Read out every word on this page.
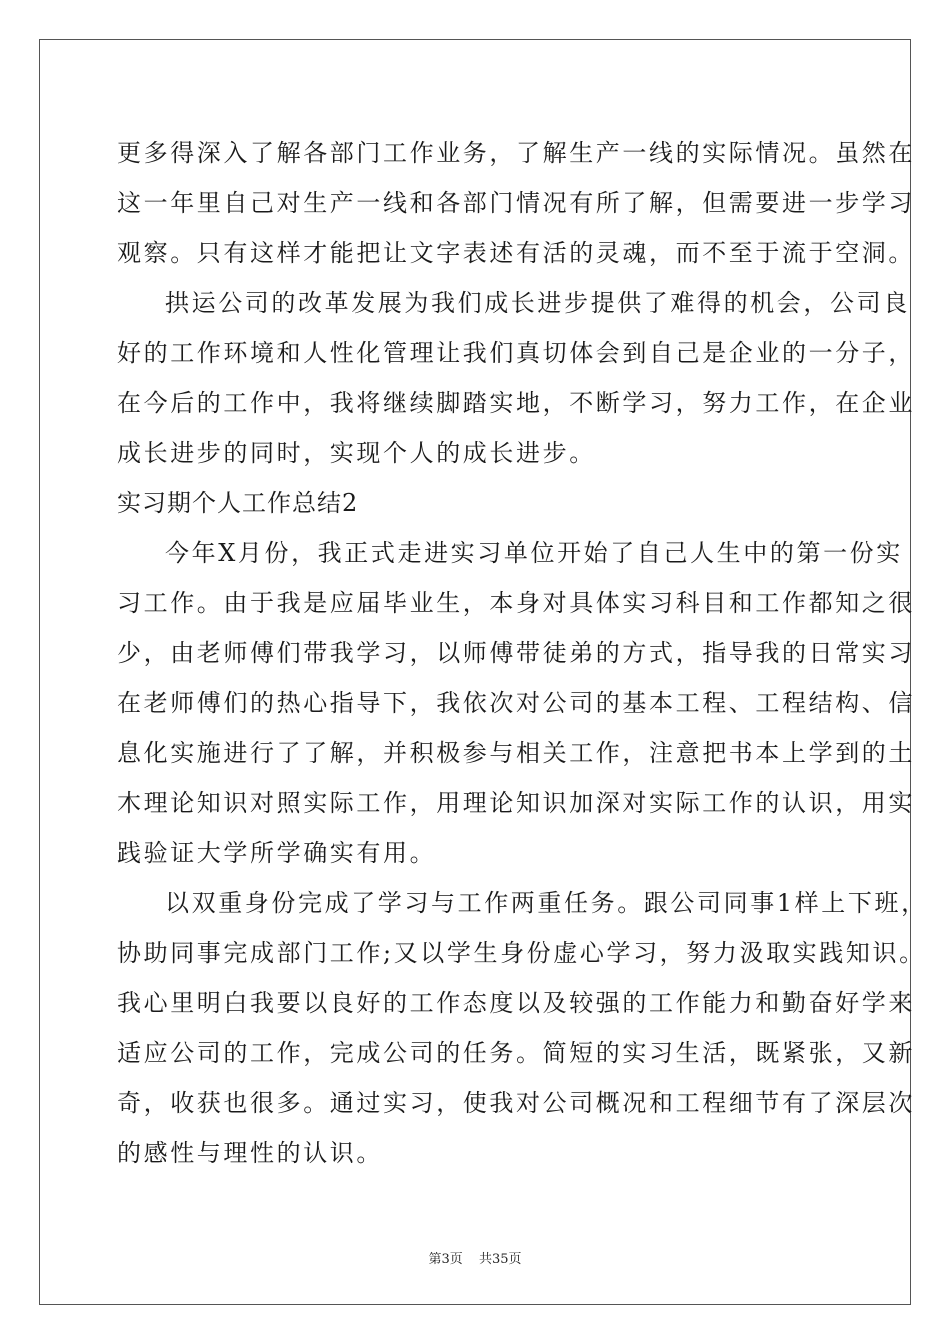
更多得深入了解各部门工作业务，了解生产一线的实际情况。虽然在
这一年里自己对生产一线和各部门情况有所了解，但需要进一步学习
观察。只有这样才能把让文字表述有活的灵魂，而不至于流于空洞。
拱运公司的改革发展为我们成长进步提供了难得的机会，公司良
好的工作环境和人性化管理让我们真切体会到自己是企业的一分子，
在今后的工作中，我将继续脚踏实地，不断学习，努力工作，在企业
成长进步的同时，实现个人的成长进步。
实习期个人工作总结2
今年X月份，我正式走进实习单位开始了自己人生中的第一份实
习工作。由于我是应届毕业生，本身对具体实习科目和工作都知之很
少，由老师傅们带我学习，以师傅带徒弟的方式，指导我的日常实习
在老师傅们的热心指导下，我依次对公司的基本工程、工程结构、信
息化实施进行了了解，并积极参与相关工作，注意把书本上学到的土
木理论知识对照实际工作，用理论知识加深对实际工作的认识，用实
践验证大学所学确实有用。
以双重身份完成了学习与工作两重任务。跟公司同事1样上下班，
协助同事完成部门工作;又以学生身份虚心学习，努力汲取实践知识。
我心里明白我要以良好的工作态度以及较强的工作能力和勤奋好学来
适应公司的工作，完成公司的任务。简短的实习生活，既紧张，又新
奇，收获也很多。通过实习，使我对公司概况和工程细节有了深层次
的感性与理性的认识。
第3页 共35页
